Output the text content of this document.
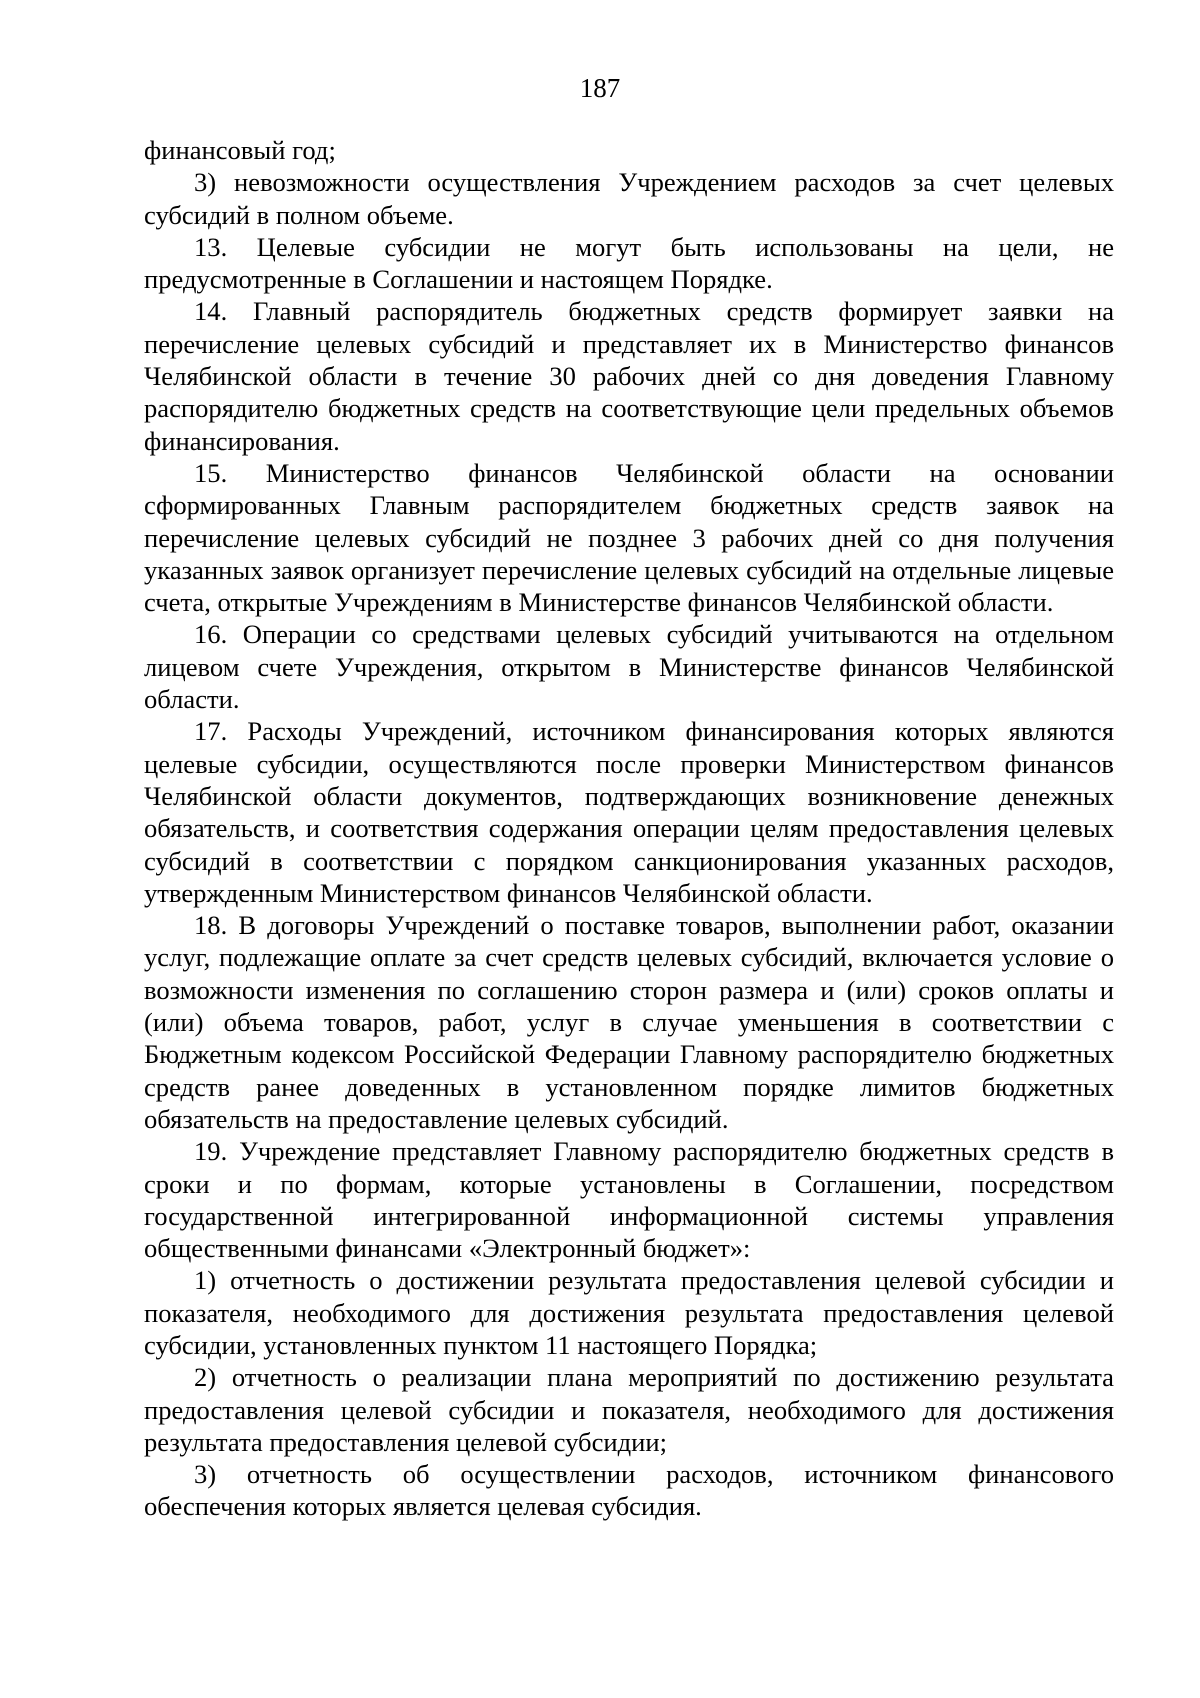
187

финансовый год;

3) невозможности осуществления Учреждением расходов за счет целевых субсидий в полном объеме.

13. Целевые субсидии не могут быть использованы на цели, не предусмотренные в Соглашении и настоящем Порядке.

14. Главный распорядитель бюджетных средств формирует заявки на перечисление целевых субсидий и представляет их в Министерство финансов Челябинской области в течение 30 рабочих дней со дня доведения Главному распорядителю бюджетных средств на соответствующие цели предельных объемов финансирования.

15. Министерство финансов Челябинской области на основании сформированных Главным распорядителем бюджетных средств заявок на перечисление целевых субсидий не позднее 3 рабочих дней со дня получения указанных заявок организует перечисление целевых субсидий на отдельные лицевые счета, открытые Учреждениям в Министерстве финансов Челябинской области.

16. Операции со средствами целевых субсидий учитываются на отдельном лицевом счете Учреждения, открытом в Министерстве финансов Челябинской области.

17. Расходы Учреждений, источником финансирования которых являются целевые субсидии, осуществляются после проверки Министерством финансов Челябинской области документов, подтверждающих возникновение денежных обязательств, и соответствия содержания операции целям предоставления целевых субсидий в соответствии с порядком санкционирования указанных расходов, утвержденным Министерством финансов Челябинской области.

18. В договоры Учреждений о поставке товаров, выполнении работ, оказании услуг, подлежащие оплате за счет средств целевых субсидий, включается условие о возможности изменения по соглашению сторон размера и (или) сроков оплаты и (или) объема товаров, работ, услуг в случае уменьшения в соответствии с Бюджетным кодексом Российской Федерации Главному распорядителю бюджетных средств ранее доведенных в установленном порядке лимитов бюджетных обязательств на предоставление целевых субсидий.

19. Учреждение представляет Главному распорядителю бюджетных средств в сроки и по формам, которые установлены в Соглашении, посредством государственной интегрированной информационной системы управления общественными финансами «Электронный бюджет»:

1) отчетность о достижении результата предоставления целевой субсидии и показателя, необходимого для достижения результата предоставления целевой субсидии, установленных пунктом 11 настоящего Порядка;

2) отчетность о реализации плана мероприятий по достижению результата предоставления целевой субсидии и показателя, необходимого для достижения результата предоставления целевой субсидии;

3) отчетность об осуществлении расходов, источником финансового обеспечения которых является целевая субсидия.
